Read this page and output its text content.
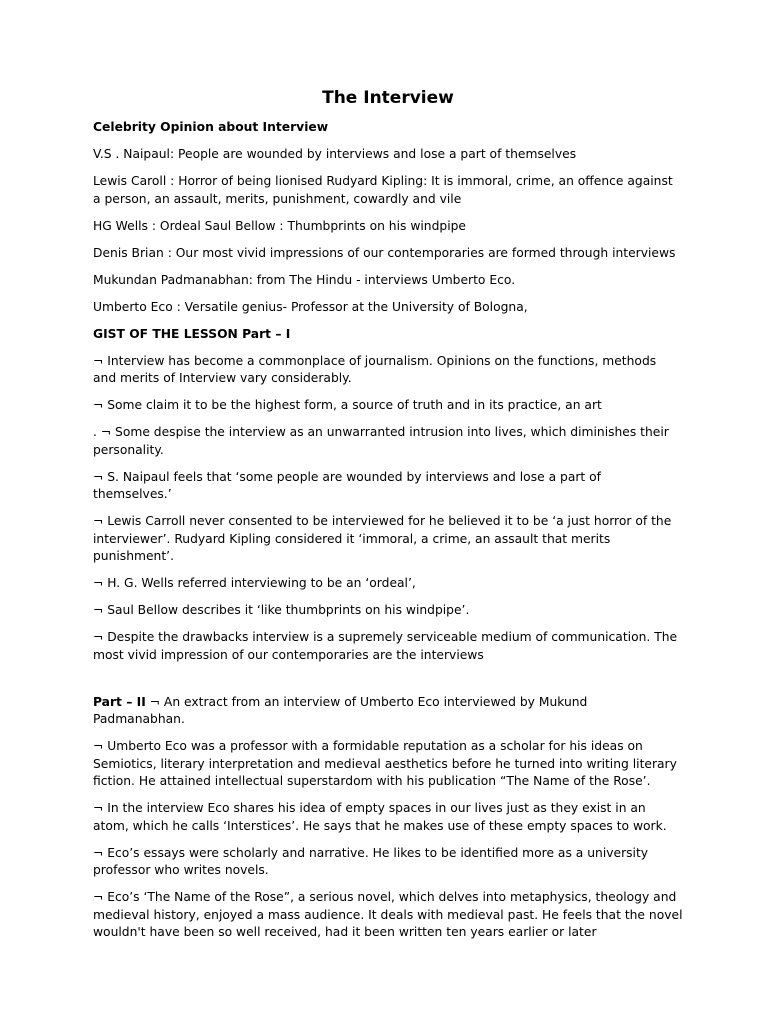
The Interview
Celebrity Opinion about Interview
V.S . Naipaul: People are wounded by interviews and lose a part of themselves
Lewis Caroll : Horror of being lionised Rudyard Kipling: It is immoral, crime, an offence against a person, an assault, merits, punishment, cowardly and vile
HG Wells : Ordeal Saul Bellow : Thumbprints on his windpipe
Denis Brian : Our most vivid impressions of our contemporaries are formed through interviews
Mukundan Padmanabhan: from The Hindu - interviews Umberto Eco.
Umberto Eco : Versatile genius- Professor at the University of Bologna,
GIST OF THE LESSON Part – I
¬ Interview has become a commonplace of journalism. Opinions on the functions, methods and merits of Interview vary considerably.
¬ Some claim it to be the highest form, a source of truth and in its practice, an art
. ¬ Some despise the interview as an unwarranted intrusion into lives, which diminishes their personality.
¬ S. Naipaul feels that ‘some people are wounded by interviews and lose a part of themselves.’
¬ Lewis Carroll never consented to be interviewed for he believed it to be ‘a just horror of the interviewer’. Rudyard Kipling considered it ‘immoral, a crime, an assault that merits punishment’.
¬ H. G. Wells referred interviewing to be an ‘ordeal’,
¬ Saul Bellow describes it ‘like thumbprints on his windpipe’.
¬ Despite the drawbacks interview is a supremely serviceable medium of communication. The most vivid impression of our contemporaries are the interviews
Part – II ¬ An extract from an interview of Umberto Eco interviewed by Mukund Padmanabhan.
¬ Umberto Eco was a professor with a formidable reputation as a scholar for his ideas on Semiotics, literary interpretation and medieval aesthetics before he turned into writing literary fiction. He attained intellectual superstardom with his publication “The Name of the Rose’.
¬ In the interview Eco shares his idea of empty spaces in our lives just as they exist in an atom, which he calls ‘Interstices’. He says that he makes use of these empty spaces to work.
¬ Eco’s essays were scholarly and narrative. He likes to be identified more as a university professor who writes novels.
¬ Eco’s ‘The Name of the Rose”, a serious novel, which delves into metaphysics, theology and medieval history, enjoyed a mass audience. It deals with medieval past. He feels that the novel wouldn't have been so well received, had it been written ten years earlier or later
